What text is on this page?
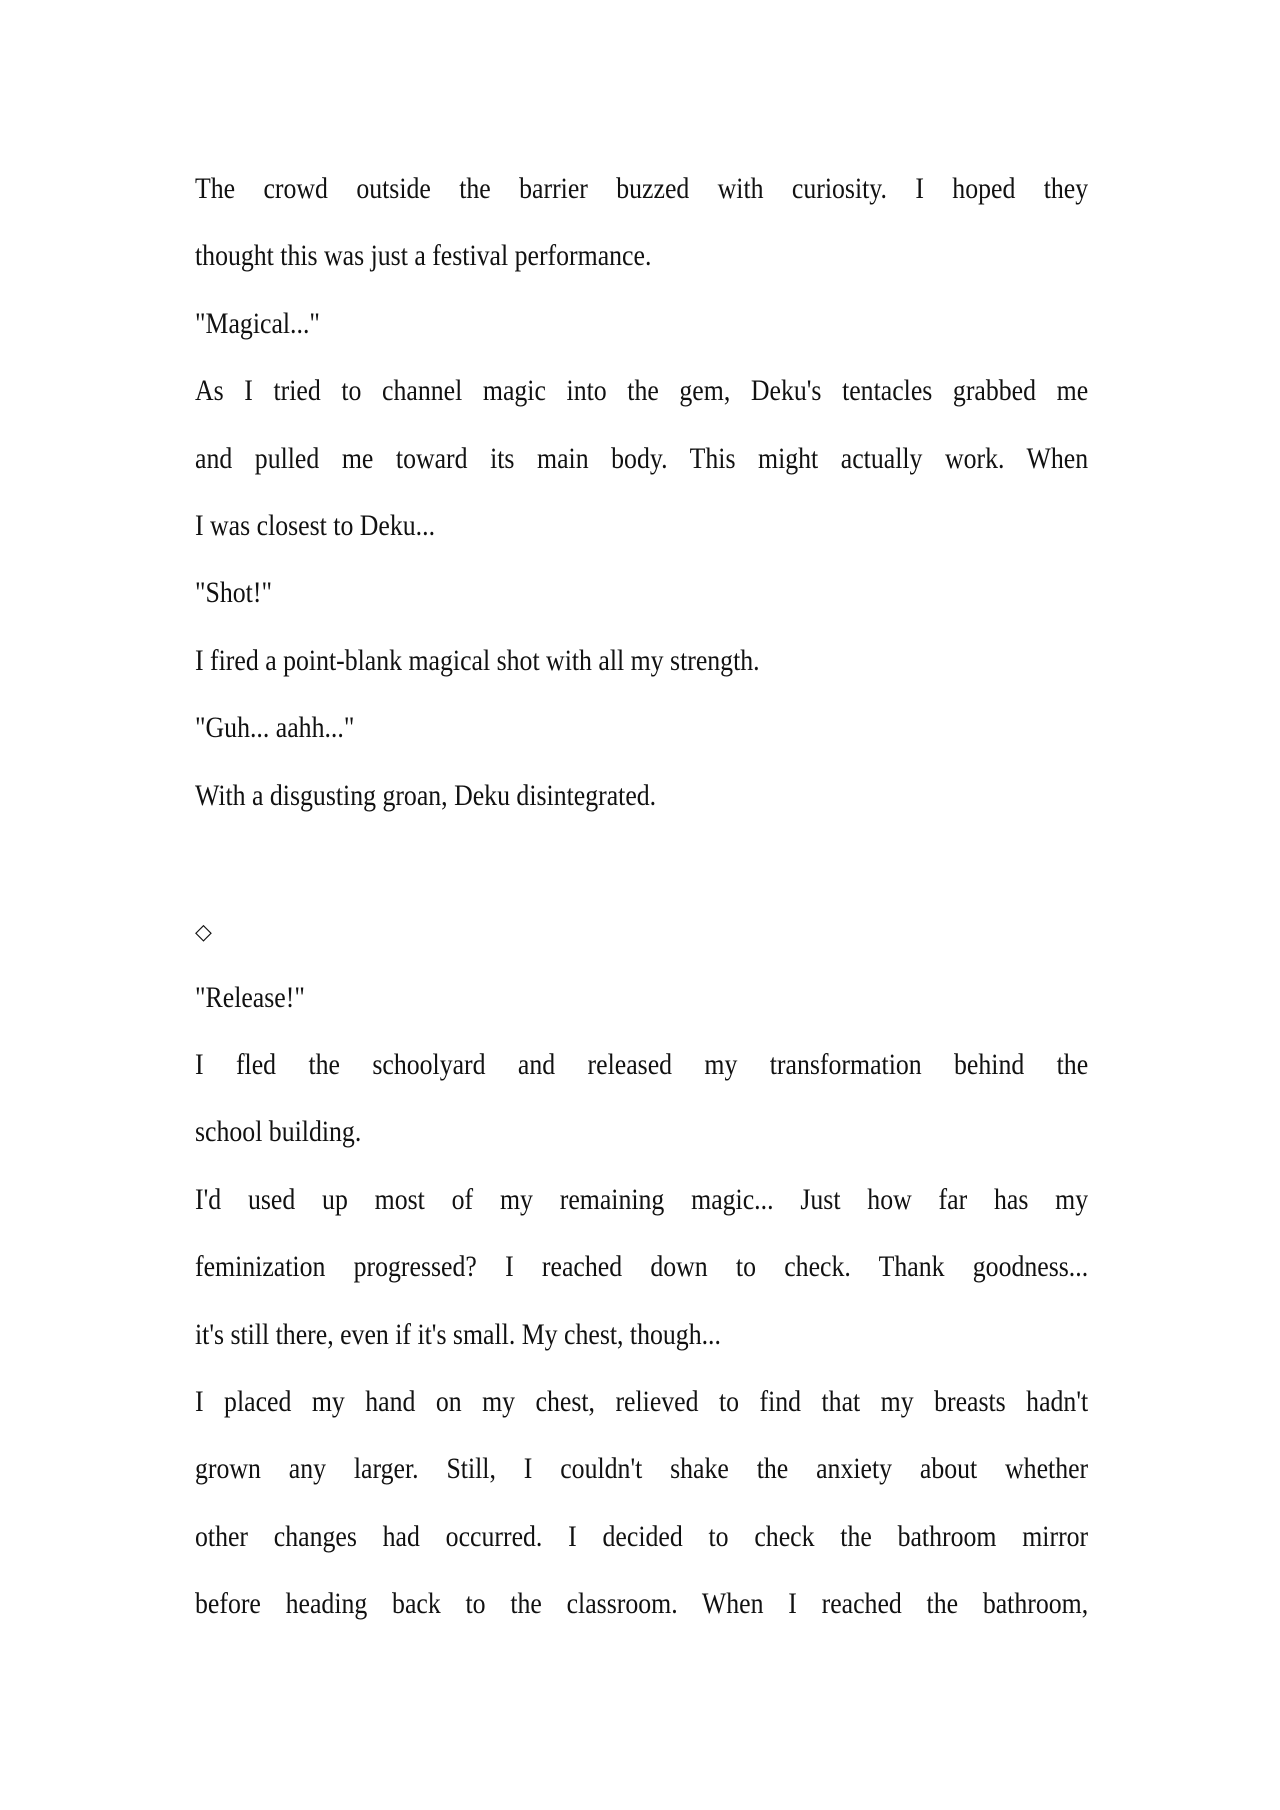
The crowd outside the barrier buzzed with curiosity. I hoped they
thought this was just a festival performance.
"Magical..."
As I tried to channel magic into the gem, Deku's tentacles grabbed me
and pulled me toward its main body. This might actually work. When
I was closest to Deku...
"Shot!"
I fired a point-blank magical shot with all my strength.
"Guh... aahh..."
With a disgusting groan, Deku disintegrated.
◇
"Release!"
I fled the schoolyard and released my transformation behind the
school building.
I'd used up most of my remaining magic... Just how far has my
feminization progressed? I reached down to check. Thank goodness...
it's still there, even if it's small. My chest, though...
I placed my hand on my chest, relieved to find that my breasts hadn't
grown any larger. Still, I couldn't shake the anxiety about whether
other changes had occurred. I decided to check the bathroom mirror
before heading back to the classroom. When I reached the bathroom,
